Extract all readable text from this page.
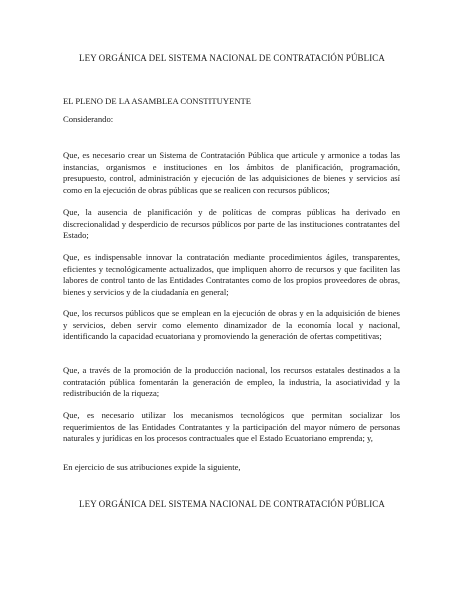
LEY ORGÁNICA DEL SISTEMA NACIONAL DE CONTRATACIÓN PÚBLICA
EL PLENO DE LA ASAMBLEA CONSTITUYENTE
Considerando:
Que, es necesario crear un Sistema de Contratación Pública que articule y armonice a todas las instancias, organismos e instituciones en los ámbitos de planificación, programación, presupuesto, control, administración y ejecución de las adquisiciones de bienes y servicios así como en la ejecución de obras públicas que se realicen con recursos públicos;
Que, la ausencia de planificación y de políticas de compras públicas ha derivado en discrecionalidad y desperdicio de recursos públicos por parte de las instituciones contratantes del Estado;
Que, es indispensable innovar la contratación mediante procedimientos ágiles, transparentes, eficientes y tecnológicamente actualizados, que impliquen ahorro de recursos y que faciliten las labores de control tanto de las Entidades Contratantes como de los propios proveedores de obras, bienes y servicios y de la ciudadanía en general;
Que, los recursos públicos que se emplean en la ejecución de obras y en la adquisición de bienes y servicios, deben servir como elemento dinamizador de la economía local y nacional, identificando la capacidad ecuatoriana y promoviendo la generación de ofertas competitivas;
Que, a través de la promoción de la producción nacional, los recursos estatales destinados a la contratación pública fomentarán la generación de empleo, la industria, la asociatividad y la redistribución de la riqueza;
Que, es necesario utilizar los mecanismos tecnológicos que permitan socializar los requerimientos de las Entidades Contratantes y la participación del mayor número de personas naturales y jurídicas en los procesos contractuales que el Estado Ecuatoriano emprenda; y,
En ejercicio de sus atribuciones expide la siguiente,
LEY ORGÁNICA DEL SISTEMA NACIONAL DE CONTRATACIÓN PÚBLICA
